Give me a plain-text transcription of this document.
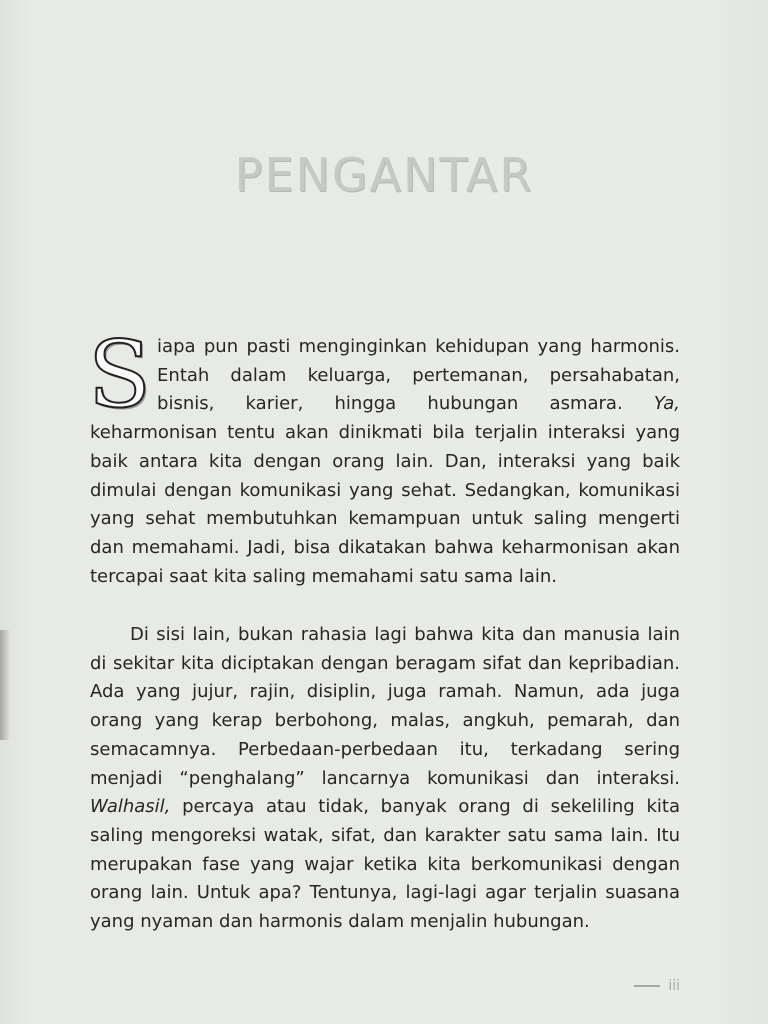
PENGANTAR

Siapa pun pasti menginginkan kehidupan yang harmonis. Entah dalam keluarga, pertemanan, persahabatan, bisnis, karier, hingga hubungan asmara. Ya, keharmonisan tentu akan dinikmati bila terjalin interaksi yang baik antara kita dengan orang lain. Dan, interaksi yang baik dimulai dengan komunikasi yang sehat. Sedangkan, komunikasi yang sehat membutuhkan kemampuan untuk saling mengerti dan memahami. Jadi, bisa dikatakan bahwa keharmonisan akan tercapai saat kita saling memahami satu sama lain.

Di sisi lain, bukan rahasia lagi bahwa kita dan manusia lain di sekitar kita diciptakan dengan beragam sifat dan kepribadian. Ada yang jujur, rajin, disiplin, juga ramah. Namun, ada juga orang yang kerap berbohong, malas, angkuh, pemarah, dan semacamnya. Perbedaan-perbedaan itu, terkadang sering menjadi “penghalang” lancarnya komunikasi dan interaksi. Walhasil, percaya atau tidak, banyak orang di sekeliling kita saling mengoreksi watak, sifat, dan karakter satu sama lain. Itu merupakan fase yang wajar ketika kita berkomunikasi dengan orang lain. Untuk apa? Tentunya, lagi-lagi agar terjalin suasana yang nyaman dan harmonis dalam menjalin hubungan.

iii
